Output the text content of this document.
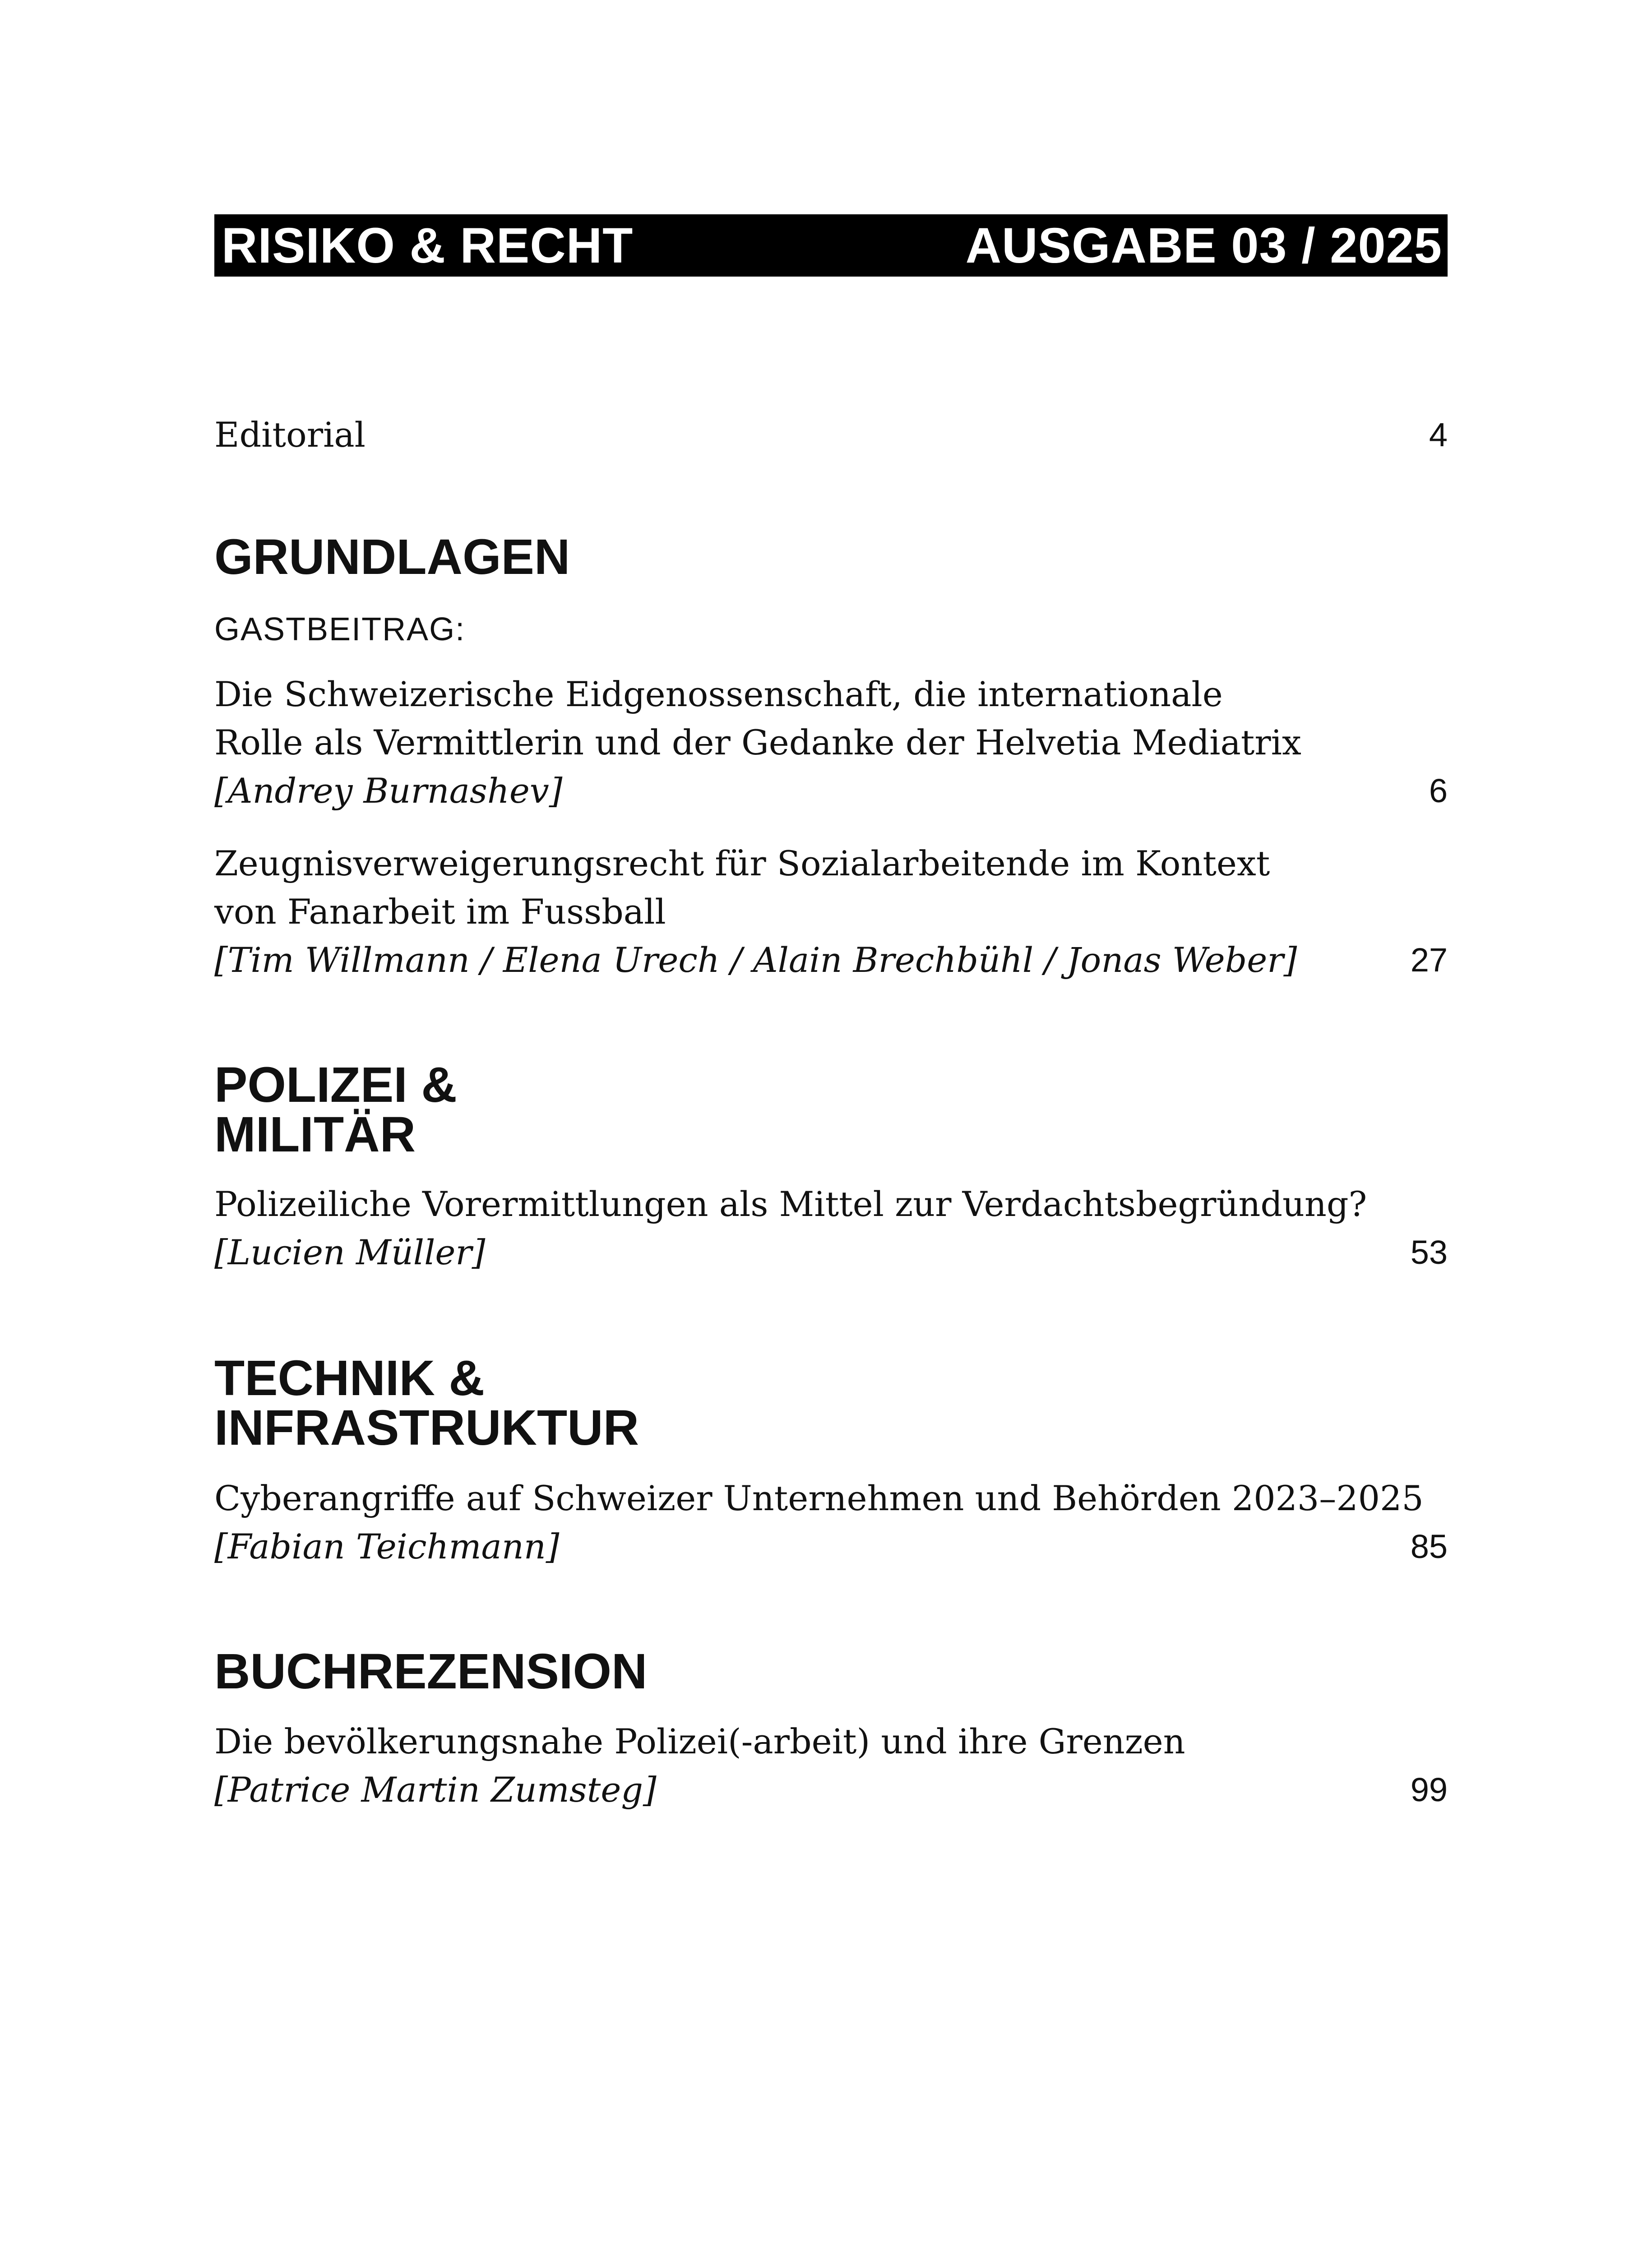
RISIKO & RECHT	AUSGABE 03 / 2025
Editorial	4
GRUNDLAGEN
GASTBEITRAG:
Die Schweizerische Eidgenossenschaft, die internationale
Rolle als Vermittlerin und der Gedanke der Helvetia Mediatrix
[Andrey Burnashev]	6
Zeugnisverweigerungsrecht für Sozialarbeitende im Kontext
von Fanarbeit im Fussball
[Tim Willmann / Elena Urech / Alain Brechbühl / Jonas Weber]	27
POLIZEI &
MILITÄR
Polizeiliche Vorermittlungen als Mittel zur Verdachtsbegründung?
[Lucien Müller]	53
TECHNIK &
INFRASTRUKTUR
Cyberangriffe auf Schweizer Unternehmen und Behörden 2023–2025
[Fabian Teichmann]	85
BUCHREZENSION
Die bevölkerungsnahe Polizei(-arbeit) und ihre Grenzen
[Patrice Martin Zumsteg]	99
